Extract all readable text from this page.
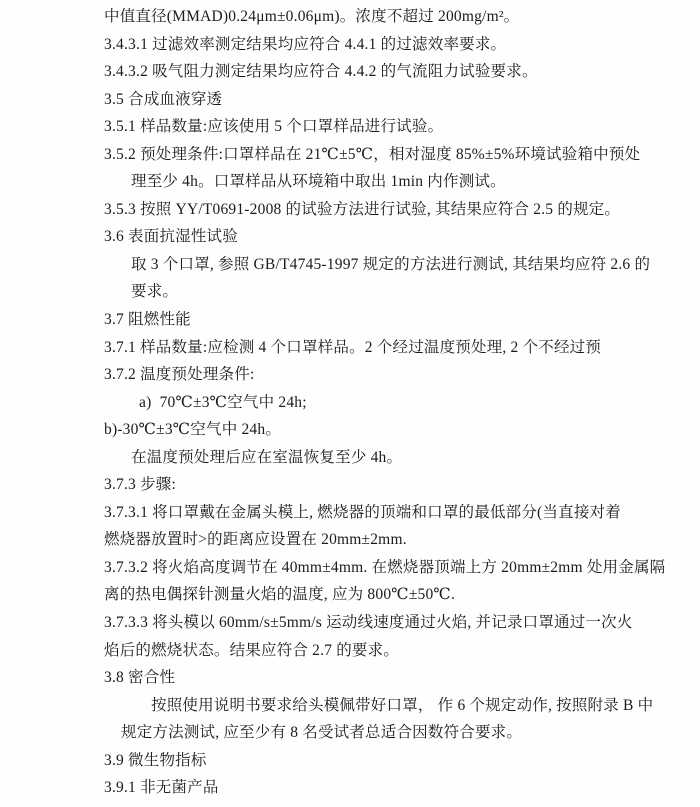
中值直径(MMAD)0.24μm±0.06μm)。浓度不超过 200mg/m²。
3.4.3.1 过滤效率测定结果均应符合 4.4.1 的过滤效率要求。
3.4.3.2 吸气阻力测定结果均应符合 4.4.2 的气流阻力试验要求。
3.5 合成血液穿透
3.5.1 样品数量:应该使用 5 个口罩样品进行试验。
3.5.2 预处理条件:口罩样品在 21℃±5℃，相对湿度 85%±5%环境试验箱中预处
理至少 4h。口罩样品从环境箱中取出 1min 内作测试。
3.5.3 按照 YY/T0691-2008 的试验方法进行试验, 其结果应符合 2.5 的规定。
3.6 表面抗湿性试验
取 3 个口罩, 参照 GB/T4745-1997 规定的方法进行测试, 其结果均应符 2.6 的
要求。
3.7 阻燃性能
3.7.1 样品数量:应检测 4 个口罩样品。2 个经过温度预处理, 2 个不经过预
3.7.2 温度预处理条件:
a)  70℃±3℃空气中 24h;
b)-30℃±3℃空气中 24h。
在温度预处理后应在室温恢复至少 4h。
3.7.3 步骤:
3.7.3.1 将口罩戴在金属头模上, 燃烧器的顶端和口罩的最低部分(当直接对着
燃烧器放置时>的距离应设置在 20mm±2mm.
3.7.3.2 将火焰高度调节在 40mm±4mm. 在燃烧器顶端上方 20mm±2mm 处用金属隔
离的热电偶探针测量火焰的温度, 应为 800℃±50℃.
3.7.3.3 将头模以 60mm/s±5mm/s 运动线速度通过火焰, 并记录口罩通过一次火
焰后的燃烧状态。结果应符合 2.7 的要求。
3.8 密合性
按照使用说明书要求给头模佩带好口罩， 作 6 个规定动作, 按照附录 B 中
规定方法测试, 应至少有 8 名受试者总适合因数符合要求。
3.9 微生物指标
3.9.1 非无菌产品
